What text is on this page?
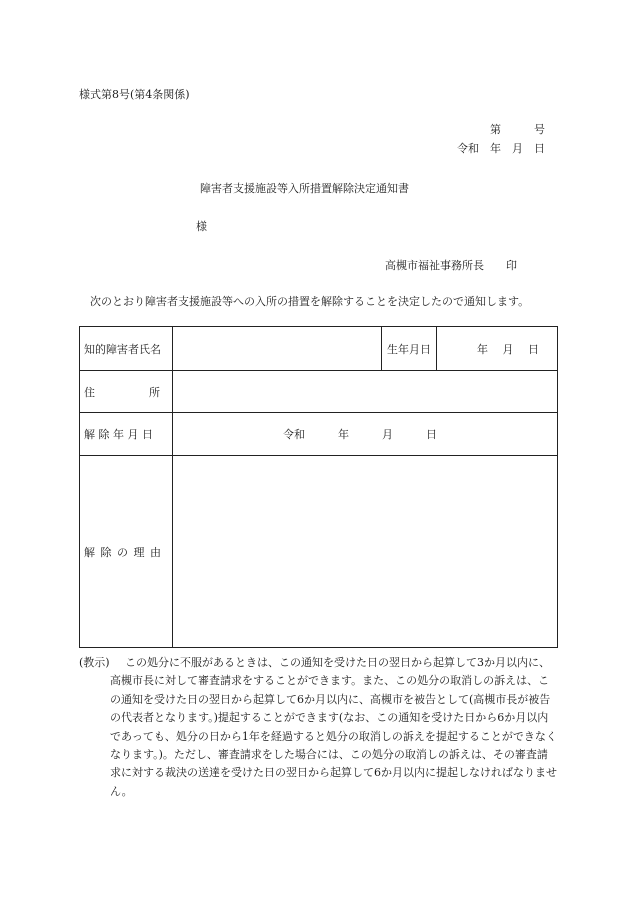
様式第8号(第4条関係)
第　　　号
令和　年　月　日
障害者支援施設等入所措置解除決定通知書
様
高槻市福祉事務所長　　印
次のとおり障害者支援施設等への入所の措置を解除することを決定したので通知します。
知的障害者氏名		生年月日	年　 月　 日

住 所			

解除年月日	令和　　　年　　　月　　　日		
解除の理由			
(教示)	この処分に不服があるときは、この通知を受けた日の翌日から起算して3か月以内に、高槻市長に対して審査請求をすることができます。また、この処分の取消しの訴えは、この通知を受けた日の翌日から起算して6か月以内に、高槻市を被告として(高槻市長が被告の代表者となります。)提起することができます(なお、この通知を受けた日から6か月以内であっても、処分の日から1年を経過すると処分の取消しの訴えを提起することができなくなります。)。ただし、審査請求をした場合には、この処分の取消しの訴えは、その審査請求に対する裁決の送達を受けた日の翌日から起算して6か月以内に提起しなければなりません。
